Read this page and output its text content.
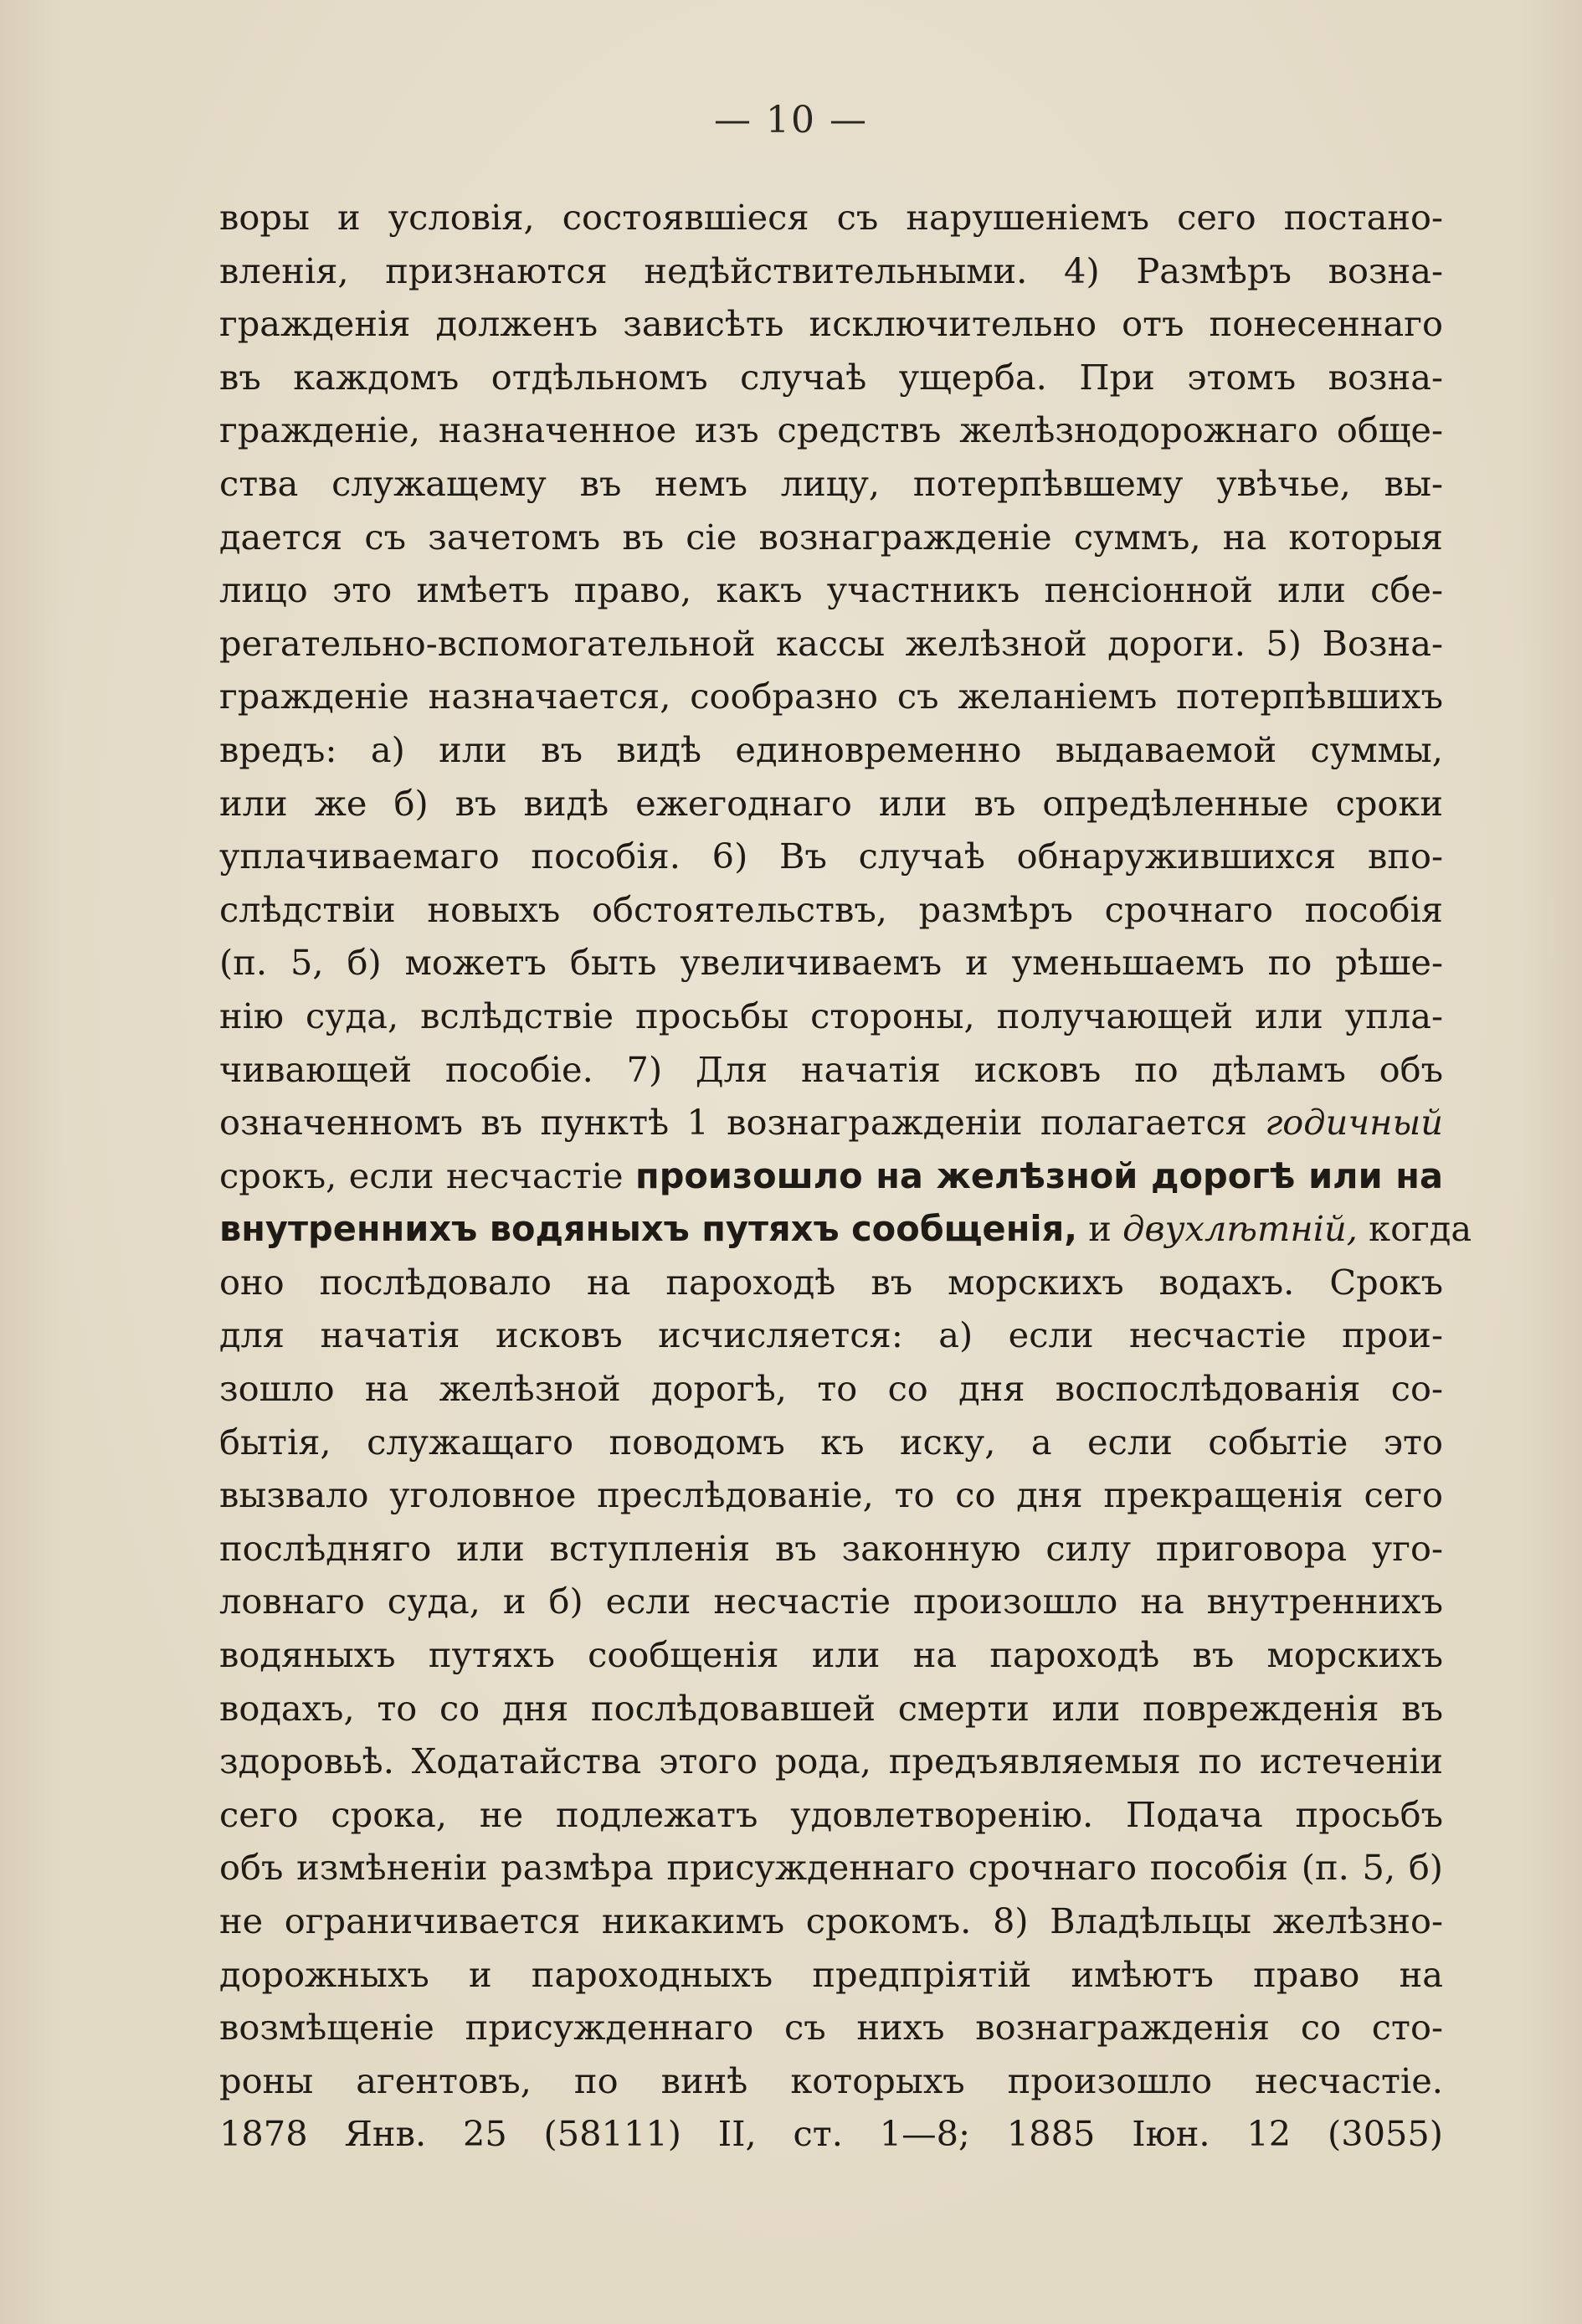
— 10 —
воры и условія, состоявшіеся съ нарушеніемъ сего постано-
вленія, признаются недѣйствительными. 4) Размѣръ возна-
гражденія долженъ зависѣть исключительно отъ понесеннаго
въ каждомъ отдѣльномъ случаѣ ущерба. При этомъ возна-
гражденіе, назначенное изъ средствъ желѣзнодорожнаго обще-
ства служащему въ немъ лицу, потерпѣвшему увѣчье, вы-
дается съ зачетомъ въ сіе вознагражденіе суммъ, на которыя
лицо это имѣетъ право, какъ участникъ пенсіонной или сбе-
регательно-вспомогательной кассы желѣзной дороги. 5) Возна-
гражденіе назначается, сообразно съ желаніемъ потерпѣвшихъ
вредъ: а) или въ видѣ единовременно выдаваемой суммы,
или же б) въ видѣ ежегоднаго или въ опредѣленные сроки
уплачиваемаго пособія. 6) Въ случаѣ обнаружившихся впо-
слѣдствіи новыхъ обстоятельствъ, размѣръ срочнаго пособія
(п. 5, б) можетъ быть увеличиваемъ и уменьшаемъ по рѣше-
нію суда, вслѣдствіе просьбы стороны, получающей или упла-
чивающей пособіе. 7) Для начатія исковъ по дѣламъ объ
означенномъ въ пунктѣ 1 вознагражденіи полагается годичный
срокъ, если несчастіе произошло на желѣзной дорогѣ или на
внутреннихъ водяныхъ путяхъ сообщенія, и двухлѣтній, когда
оно послѣдовало на пароходѣ въ морскихъ водахъ. Срокъ
для начатія исковъ исчисляется: а) если несчастіе прои-
зошло на желѣзной дорогѣ, то со дня воспослѣдованія со-
бытія, служащаго поводомъ къ иску, а если событіе это
вызвало уголовное преслѣдованіе, то со дня прекращенія сего
послѣдняго или вступленія въ законную силу приговора уго-
ловнаго суда, и б) если несчастіе произошло на внутреннихъ
водяныхъ путяхъ сообщенія или на пароходѣ въ морскихъ
водахъ, то со дня послѣдовавшей смерти или поврежденія въ
здоровьѣ. Ходатайства этого рода, предъявляемыя по истеченіи
сего срока, не подлежатъ удовлетворенію. Подача просьбъ
объ измѣненіи размѣра присужденнаго срочнаго пособія (п. 5, б)
не ограничивается никакимъ срокомъ. 8) Владѣльцы желѣзно-
дорожныхъ и пароходныхъ предпріятій имѣютъ право на
возмѣщеніе присужденнаго съ нихъ вознагражденія со сто-
роны агентовъ, по винѣ которыхъ произошло несчастіе.
1878 Янв. 25 (58111) II, ст. 1—8; 1885 Іюн. 12 (3055)
